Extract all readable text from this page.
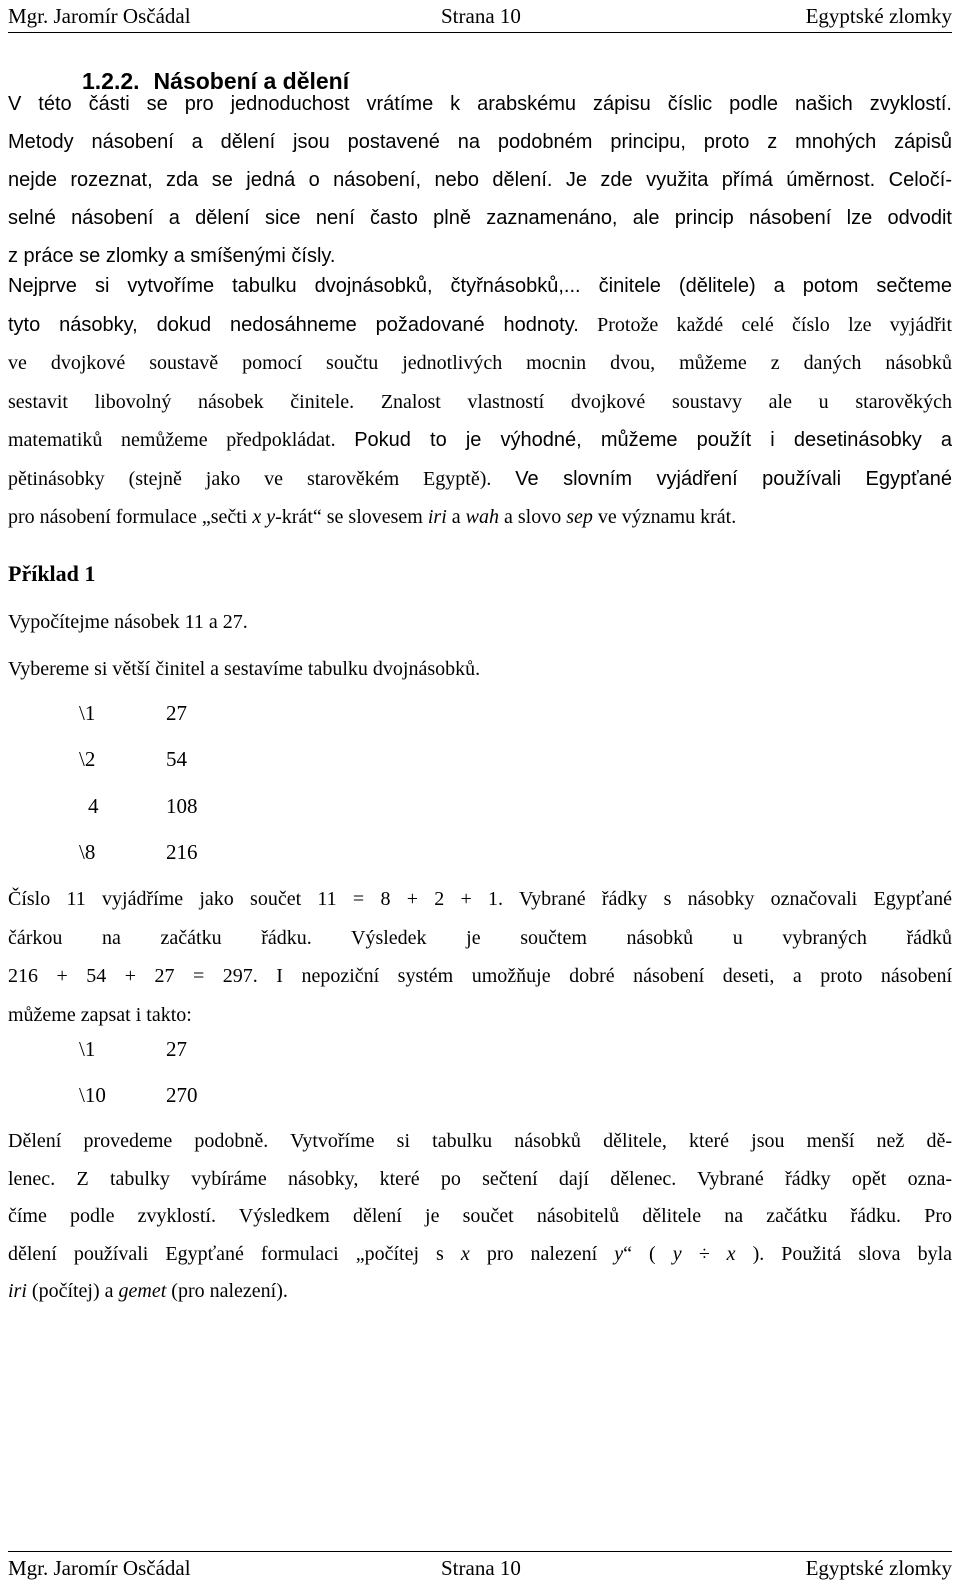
Mgr. Jaromír Osčádal	Strana 10	Egyptské zlomky
1.2.2. Násobení a dělení
V této části se pro jednoduchost vrátíme k arabskému zápisu číslic podle našich zvyklostí.
Metody násobení a dělení jsou postavené na podobném principu, proto z mnohých zápisů
nejde rozeznat, zda se jedná o násobení, nebo dělení. Je zde využita přímá úměrnost. Celočí-
selné násobení a dělení sice není často plně zaznamenáno, ale princip násobení lze odvodit
z práce se zlomky a smíšenými čísly.
Nejprve si vytvoříme tabulku dvojnásobků, čtyřnásobků,... činitele (dělitele) a potom sečteme
tyto násobky, dokud nedosáhneme požadované hodnoty. Protože každé celé číslo lze vyjádřit
ve dvojkové soustavě pomocí součtu jednotlivých mocnin dvou, můžeme z daných násobků
sestavit libovolný násobek činitele. Znalost vlastností dvojkové soustavy ale u starověkých
matematiků nemůžeme předpokládat. Pokud to je výhodné, můžeme použít i desetinásobky a
pětinásobky (stejně jako ve starověkém Egyptě). Ve slovním vyjádření používali Egypťané
pro násobení formulace „sečti x y-krát“ se slovesem iri a wah a slovo sep ve významu krát.
Příklad 1
Vypočítejme násobek 11 a 27.
Vybereme si větší činitel a sestavíme tabulku dvojnásobků.
\1	27
\2	54
4	108
\8	216
Číslo 11 vyjádříme jako součet 11 = 8 + 2 + 1. Vybrané řádky s násobky označovali Egypťané
čárkou na začátku řádku. Výsledek je součtem násobků u vybraných řádků
216 + 54 + 27 = 297. I nepoziční systém umožňuje dobré násobení deseti, a proto násobení
můžeme zapsat i takto:
\1	27
\10	270
Dělení provedeme podobně. Vytvoříme si tabulku násobků dělitele, které jsou menší než dě-
lenec. Z tabulky vybíráme násobky, které po sečtení dají dělenec. Vybrané řádky opět ozna-
číme podle zvyklostí. Výsledkem dělení je součet násobitelů dělitele na začátku řádku. Pro
dělení používali Egypťané formulaci „počítej s x pro nalezení y“ ( y ÷ x ). Použitá slova byla
iri (počítej) a gemet (pro nalezení).
Mgr. Jaromír Osčádal	Strana 10	Egyptské zlomky
